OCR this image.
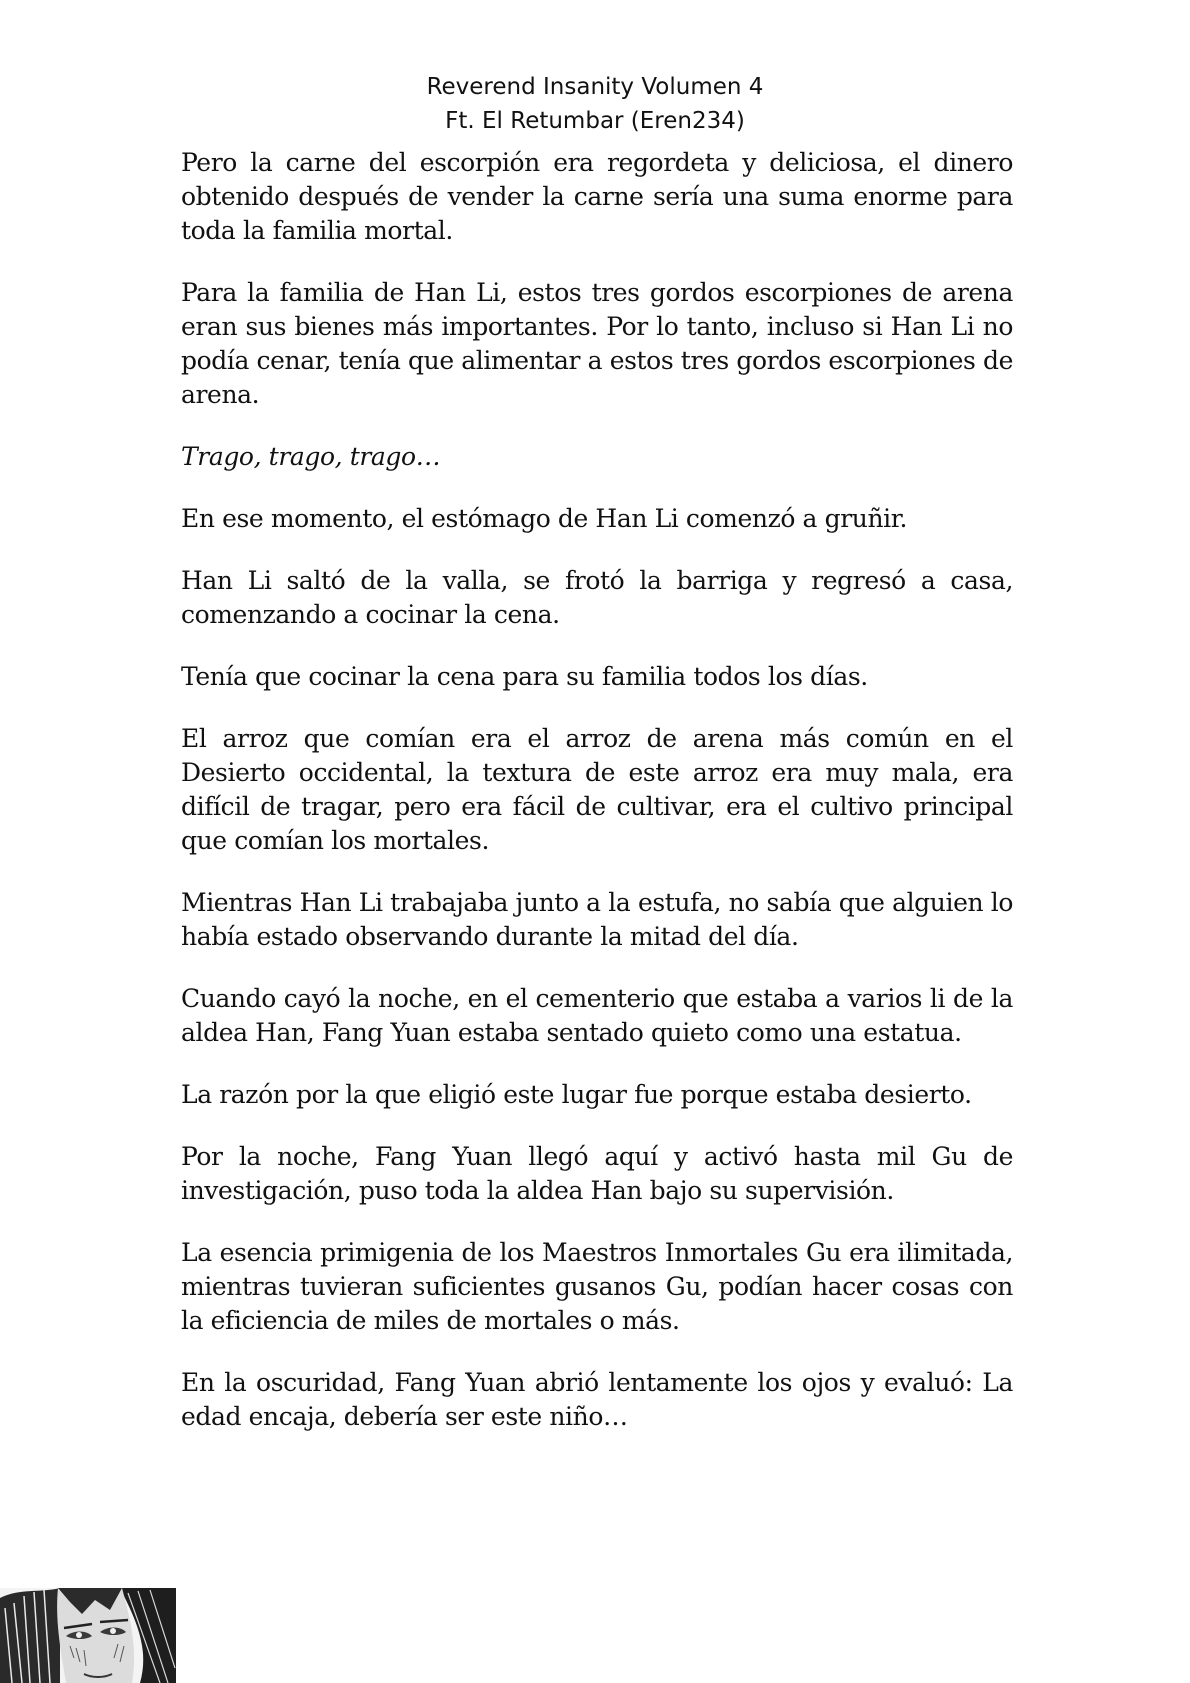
Reverend Insanity Volumen 4
Ft. El Retumbar (Eren234)

Pero la carne del escorpión era regordeta y deliciosa, el dinero obtenido después de vender la carne sería una suma enorme para toda la familia mortal.

Para la familia de Han Li, estos tres gordos escorpiones de arena eran sus bienes más importantes. Por lo tanto, incluso si Han Li no podía cenar, tenía que alimentar a estos tres gordos escorpiones de arena.

Trago, trago, trago…

En ese momento, el estómago de Han Li comenzó a gruñir.

Han Li saltó de la valla, se frotó la barriga y regresó a casa, comenzando a cocinar la cena.

Tenía que cocinar la cena para su familia todos los días.

El arroz que comían era el arroz de arena más común en el Desierto occidental, la textura de este arroz era muy mala, era difícil de tragar, pero era fácil de cultivar, era el cultivo principal que comían los mortales.

Mientras Han Li trabajaba junto a la estufa, no sabía que alguien lo había estado observando durante la mitad del día.

Cuando cayó la noche, en el cementerio que estaba a varios li de la aldea Han, Fang Yuan estaba sentado quieto como una estatua.

La razón por la que eligió este lugar fue porque estaba desierto.

Por la noche, Fang Yuan llegó aquí y activó hasta mil Gu de investigación, puso toda la aldea Han bajo su supervisión.

La esencia primigenia de los Maestros Inmortales Gu era ilimitada, mientras tuvieran suficientes gusanos Gu, podían hacer cosas con la eficiencia de miles de mortales o más.

En la oscuridad, Fang Yuan abrió lentamente los ojos y evaluó: La edad encaja, debería ser este niño…
